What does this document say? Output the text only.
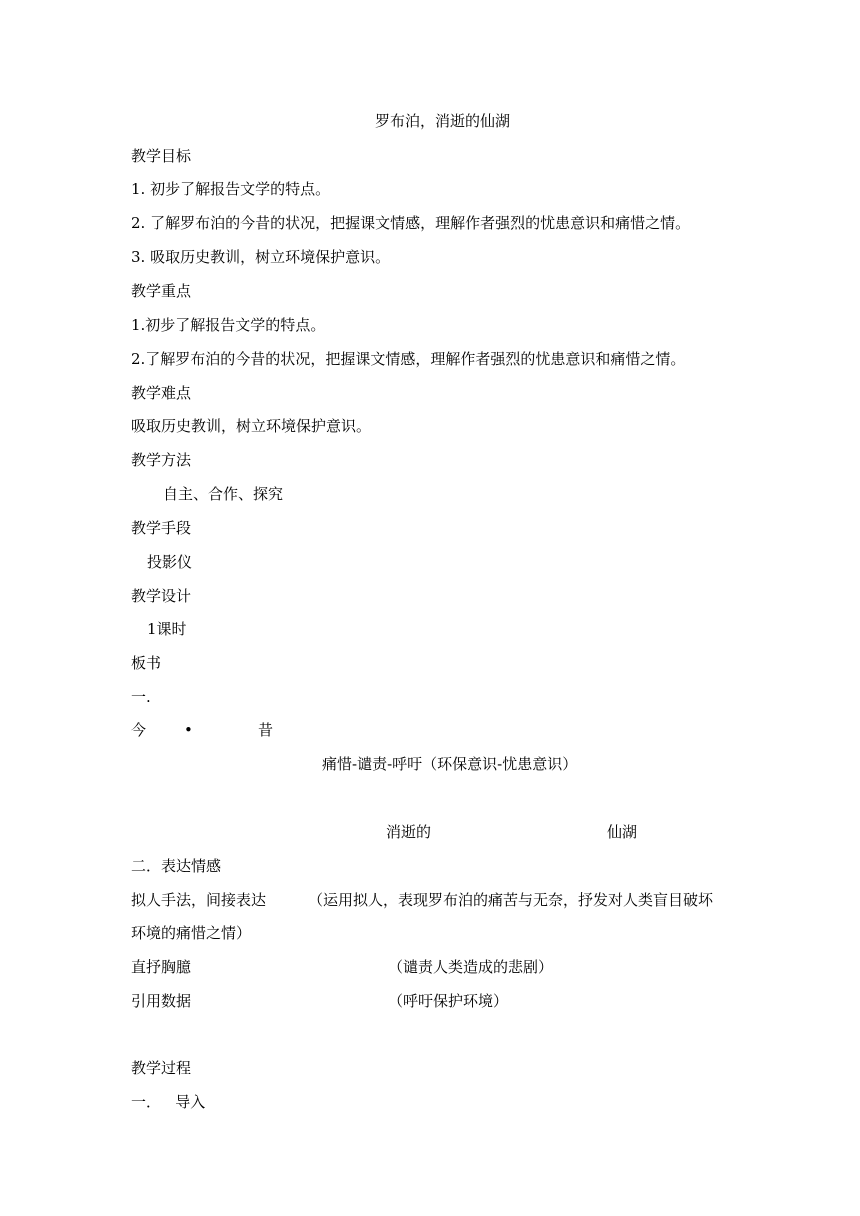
罗布泊，消逝的仙湖
教学目标
1. 初步了解报告文学的特点。
2. 了解罗布泊的今昔的状况，把握课文情感，理解作者强烈的忧患意识和痛惜之情。
3. 吸取历史教训，树立环境保护意识。
教学重点
1.初步了解报告文学的特点。
2.了解罗布泊的今昔的状况，把握课文情感，理解作者强烈的忧患意识和痛惜之情。
教学难点
吸取历史教训，树立环境保护意识。
教学方法
自主、合作、探究
教学手段
投影仪
教学设计
1课时
板书
一.
今	•	昔
痛惜-谴责-呼吁（环保意识-忧患意识）
消逝的	仙湖
二．表达情感
拟人手法，间接表达	（运用拟人，表现罗布泊的痛苦与无奈，抒发对人类盲目破坏
环境的痛惜之情）
直抒胸臆	（谴责人类造成的悲剧）
引用数据	（呼吁保护环境）
教学过程
一．   导入
